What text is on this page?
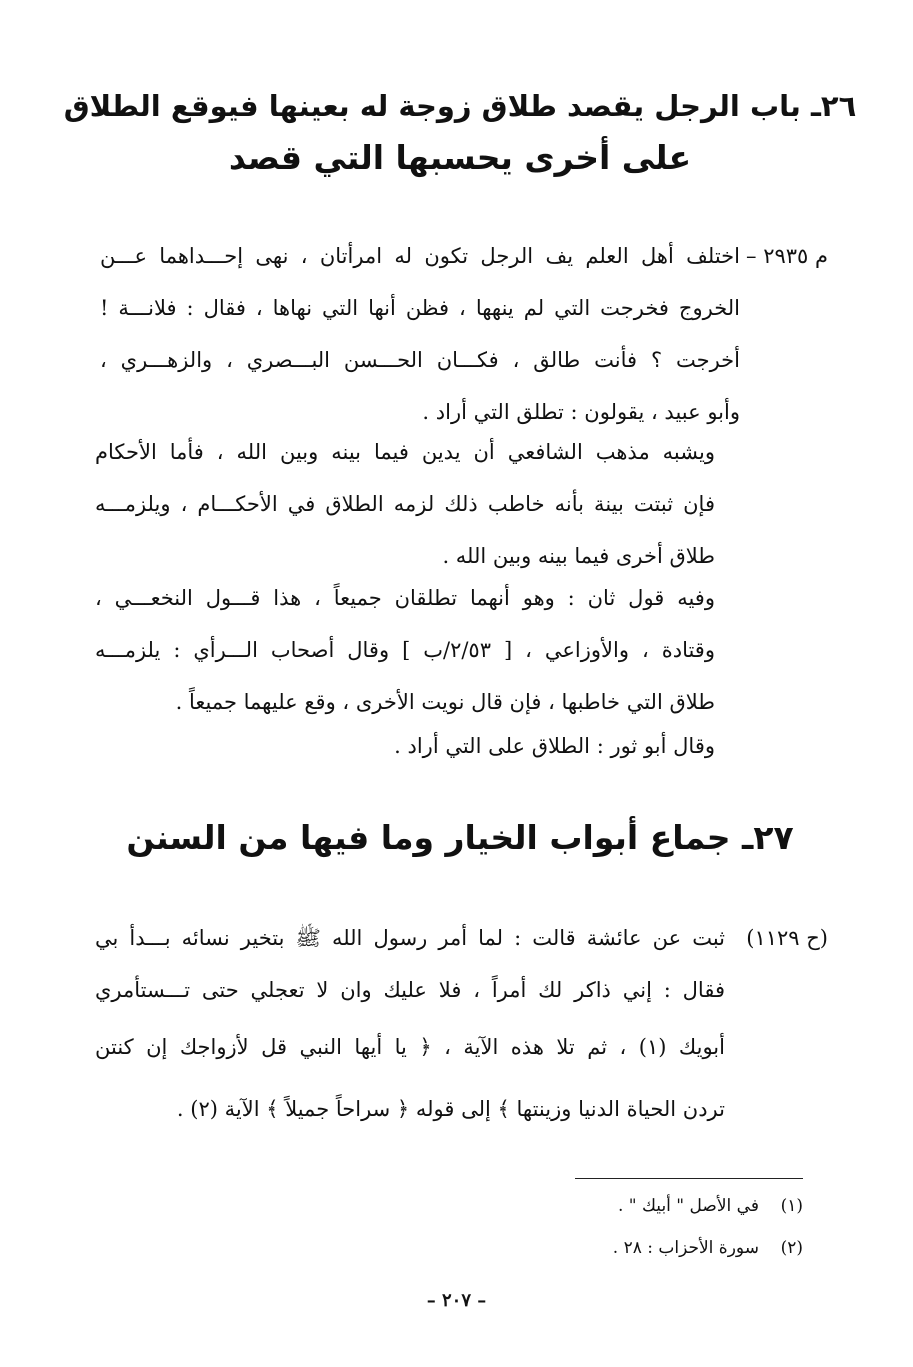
٢٦ـ باب الرجل يقصد طلاق زوجة له بعينها فيوقع الطلاق
على أخرى يحسبها التي قصد
م ٢٩٣٥ –
اختلف أهل العلم يف الرجل تكون له امرأتان ، نهى إحـــداهما عـــن
الخروج فخرجت التي لم ينهها ، فظن أنها التي نهاها ، فقال : فلانـــة !
أخرجت ؟ فأنت طالق ، فكـــان الحـــسن البـــصري ، والزهـــري ،
وأبو عبيد ، يقولون : تطلق التي أراد .
ويشبه مذهب الشافعي أن يدين فيما بينه وبين الله ، فأما الأحكام
فإن ثبتت بينة بأنه خاطب ذلك لزمه الطلاق في الأحكـــام ، ويلزمـــه
طلاق أخرى فيما بينه وبين الله .
وفيه قول ثان : وهو أنهما تطلقان جميعاً ، هذا قـــول النخعـــي ،
وقتادة ، والأوزاعي ، [ ٢/٥٣/ب ] وقال أصحاب الـــرأي : يلزمـــه
طلاق التي خاطبها ، فإن قال نويت الأخرى ، وقع عليهما جميعاً .
وقال أبو ثور : الطلاق على التي أراد .
٢٧ـ جماع أبواب الخيار وما فيها من السنن
(ح ١١٢٩)
ثبت عن عائشة قالت : لما أمر رسول الله ﷺ بتخير نسائه بـــدأ بي
فقال : إني ذاكر لك أمراً ، فلا عليك وان لا تعجلي حتى تـــستأمري
أبويك (١) ، ثم تلا هذه الآية ، ﴿ يا أيها النبي قل لأزواجك إن كنتن
تردن الحياة الدنيا وزينتها ﴾ إلى قوله ﴿ سراحاً جميلاً ﴾ الآية (٢) .
(١)    في الأصل " أبيك " .
(٢)    سورة الأحزاب : ٢٨ .
– ٢٠٧ –
